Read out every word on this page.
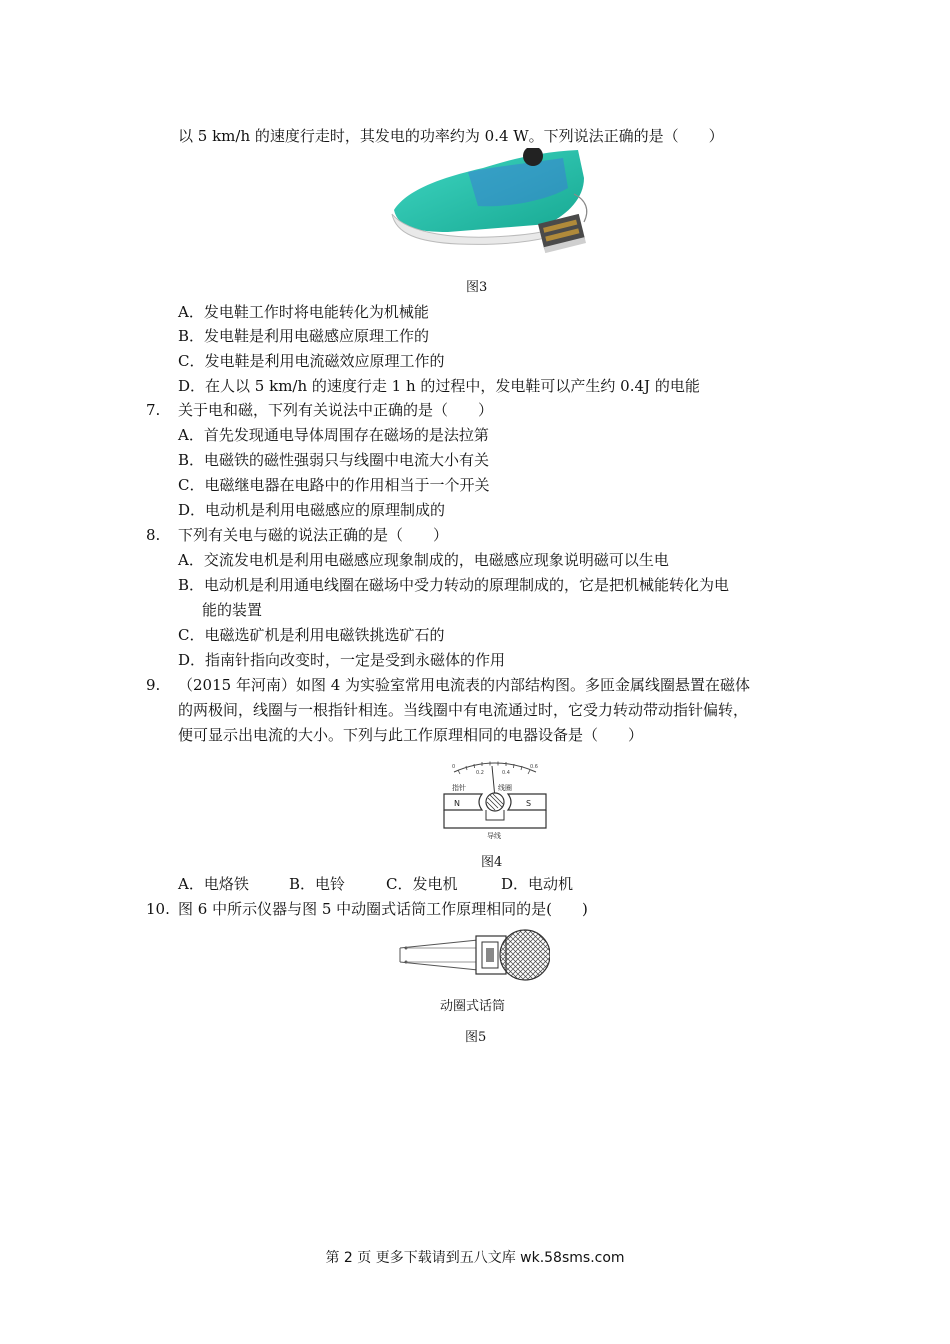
以 5 km/h 的速度行走时，其发电的功率约为 0.4 W。下列说法正确的是（　　）
图3
A．发电鞋工作时将电能转化为机械能
B．发电鞋是利用电磁感应原理工作的
C．发电鞋是利用电流磁效应原理工作的
D．在人以 5 km/h 的速度行走 1 h 的过程中，发电鞋可以产生约 0.4J 的电能
7. 关于电和磁，下列有关说法中正确的是（　　）
A．首先发现通电导体周围存在磁场的是法拉第
B．电磁铁的磁性强弱只与线圈中电流大小有关
C．电磁继电器在电路中的作用相当于一个开关
D．电动机是利用电磁感应的原理制成的
8. 下列有关电与磁的说法正确的是（　　）
A．交流发电机是利用电磁感应现象制成的，电磁感应现象说明磁可以生电
B．电动机是利用通电线圈在磁场中受力转动的原理制成的，它是把机械能转化为电
能的装置
C．电磁选矿机是利用电磁铁挑选矿石的
D．指南针指向改变时，一定是受到永磁体的作用
9. （2015 年河南）如图 4 为实验室常用电流表的内部结构图。多匝金属线圈悬置在磁体
的两极间，线圈与一根指针相连。当线圈中有电流通过时，它受力转动带动指针偏转，
便可显示出电流的大小。下列与此工作原理相同的电器设备是（　　）
0
0.2	0.4
0.6
指针	线圈
N	S
导线
图4
A．电烙铁	B．电铃	C．发电机	D．电动机
10. 图 6 中所示仪器与图 5 中动圈式话筒工作原理相同的是(　　)
动圈式话筒
图5
第 2 页 更多下载请到五八文库 wk.58sms.com
